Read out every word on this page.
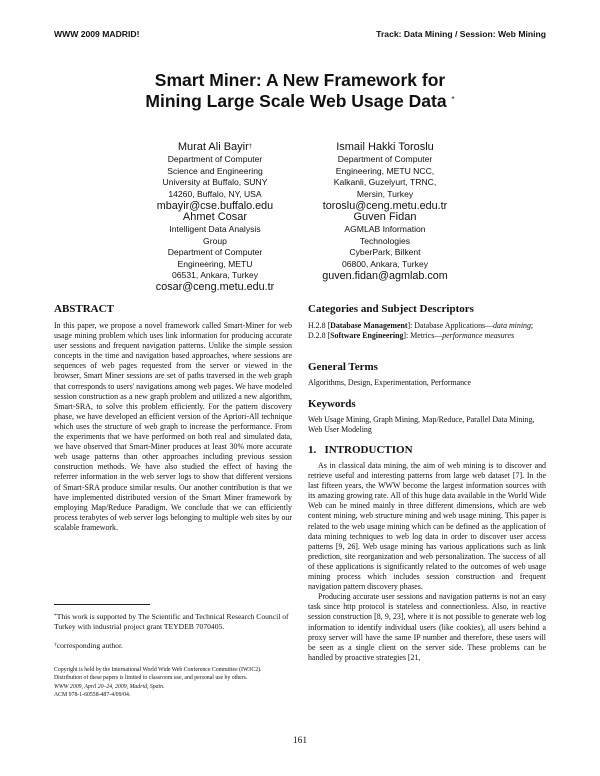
WWW 2009 MADRID!	Track: Data Mining / Session: Web Mining
Smart Miner: A New Framework for
Mining Large Scale Web Usage Data *
Murat Ali Bayir†
Department of Computer
Science and Engineering
University at Buffalo, SUNY
14260, Buffalo, NY, USA
mbayir@cse.buffalo.edu
Ismail Hakki Toroslu
Department of Computer
Engineering, METU NCC,
Kalkanli, Guzelyurt, TRNC,
Mersin, Turkey
toroslu@ceng.metu.edu.tr
Ahmet Cosar
Intelligent Data Analysis
Group
Department of Computer
Engineering, METU
06531, Ankara, Turkey
cosar@ceng.metu.edu.tr
Guven Fidan
AGMLAB Information
Technologies
CyberPark, Bilkent
06800, Ankara, Turkey
guven.fidan@agmlab.com
ABSTRACT

In this paper, we propose a novel framework called Smart-Miner for web usage mining problem which uses link information for producing accurate user sessions and frequent navigation patterns. Unlike the simple session concepts in the time and navigation based approaches, where sessions are sequences of web pages requested from the server or viewed in the browser, Smart Miner sessions are set of paths traversed in the web graph that corresponds to users' navigations among web pages. We have modeled session construction as a new graph problem and utilized a new algorithm, Smart-SRA, to solve this problem efficiently. For the pattern discovery phase, we have developed an efficient version of the Apriori-All technique which uses the structure of web graph to increase the performance. From the experiments that we have performed on both real and simulated data, we have observed that Smart-Miner produces at least 30% more accurate web usage patterns than other approaches including previous session construction methods. We have also studied the effect of having the referrer information in the web server logs to show that different versions of Smart-SRA produce similar results. Our another contribution is that we have implemented distributed version of the Smart Miner framework by employing Map/Reduce Paradigm. We conclude that we can efficiently process terabytes of web server logs belonging to multiple web sites by our scalable framework.

*This work is supported by The Scientific and Technical Research Council of Turkey with industrial project grant TEYDEB 7070405.
†corresponding author.
Copyright is held by the International World Wide Web Conference Committee (IW3C2). Distribution of these papers is limited to classroom use, and personal use by others.
WWW 2009, April 20–24, 2009, Madrid, Spain.
ACM 978-1-60558-487-4/09/04.
Categories and Subject Descriptors

H.2.8 [Database Management]: Database Applications—data mining; D.2.8 [Software Engineering]: Metrics—performance measures

General Terms

Algorithms, Design, Experimentation, Performance

Keywords

Web Usage Mining, Graph Mining, Map/Reduce, Parallel Data Mining, Web User Modeling

1.   INTRODUCTION

As in classical data mining, the aim of web mining is to discover and retrieve useful and interesting patterns from large web dataset [7]. In the last fifteen years, the WWW become the largest information sources with its amazing growing rate. All of this huge data available in the World Wide Web can be mined mainly in three different dimensions, which are web content mining, web structure mining and web usage mining. This paper is related to the web usage mining which can be defined as the application of data mining techniques to web log data in order to discover user access patterns [9, 26]. Web usage mining has various applications such as link prediction, site reorganization and web personalization. The success of all of these applications is significantly related to the outcomes of web usage mining process which includes session construction and frequent navigation pattern discovery phases.

Producing accurate user sessions and navigation patterns is not an easy task since http protocol is stateless and connectionless. Also, in reactive session construction [8, 9, 23], where it is not possible to generate web log information to identify individual users (like cookies), all users behind a proxy server will have the same IP number and therefore, these users will be seen as a single client on the server side. These problems can be handled by proactive strategies [21,

161
